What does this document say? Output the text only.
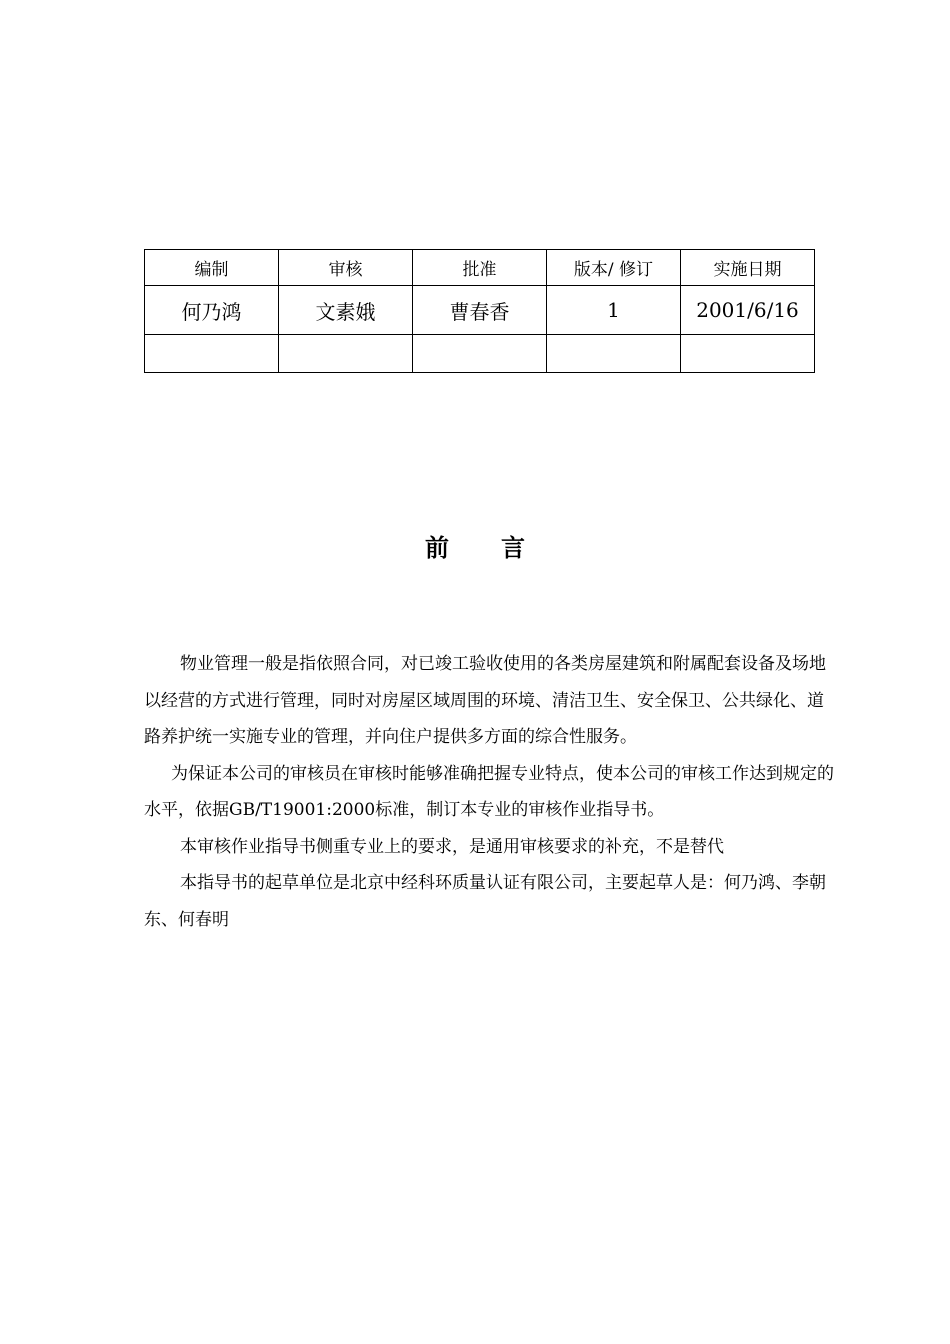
编制	审核	批准	版本/ 修订	实施日期
何乃鸿	文素娥	曹春香	1	2001/6/16

前 言

物业管理一般是指依照合同，对已竣工验收使用的各类房屋建筑和附属配套设备及场地以经营的方式进行管理，同时对房屋区域周围的环境、清洁卫生、安全保卫、公共绿化、道路养护统一实施专业的管理，并向住户提供多方面的综合性服务。

为保证本公司的审核员在审核时能够准确把握专业特点，使本公司的审核工作达到规定的水平，依据GB/T19001:2000标准，制订本专业的审核作业指导书。

本审核作业指导书侧重专业上的要求，是通用审核要求的补充，不是替代

本指导书的起草单位是北京中经科环质量认证有限公司，主要起草人是：何乃鸿、李朝东、何春明
